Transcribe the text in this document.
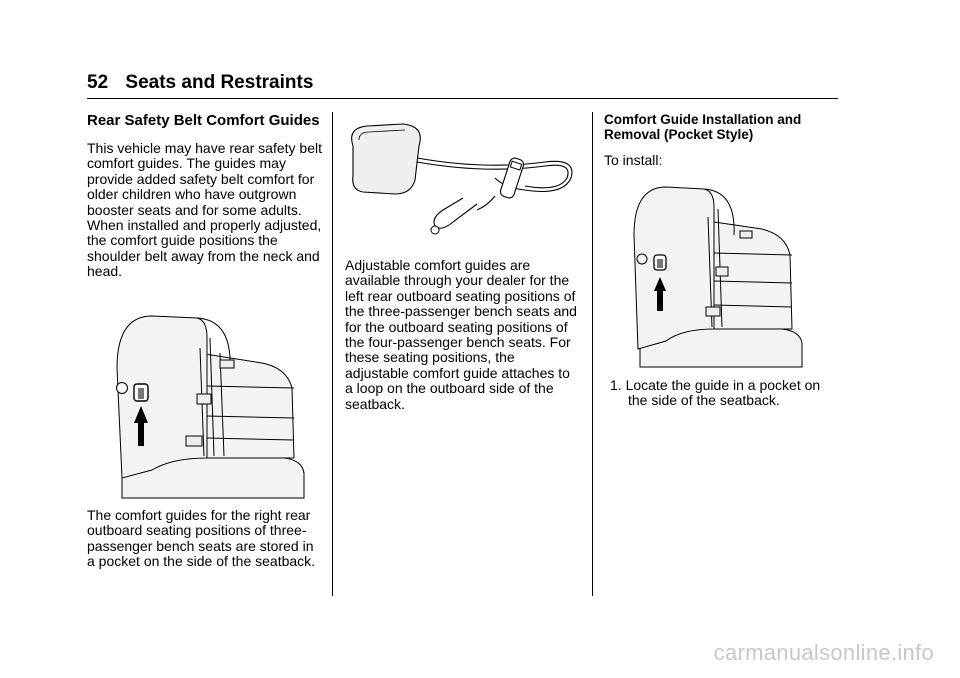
52 Seats and Restraints
Rear Safety Belt Comfort Guides

This vehicle may have rear safety belt comfort guides. The guides may provide added safety belt comfort for older children who have outgrown booster seats and for some adults. When installed and properly adjusted, the comfort guide positions the shoulder belt away from the neck and head.

The comfort guides for the right rear outboard seating positions of three-passenger bench seats are stored in a pocket on the side of the seatback.

Adjustable comfort guides are available through your dealer for the left rear outboard seating positions of the three-passenger bench seats and for the outboard seating positions of the four-passenger bench seats. For these seating positions, the adjustable comfort guide attaches to a loop on the outboard side of the seatback.

Comfort Guide Installation and Removal (Pocket Style)

To install:

1. Locate the guide in a pocket on the side of the seatback.
carmanualsonline.info
